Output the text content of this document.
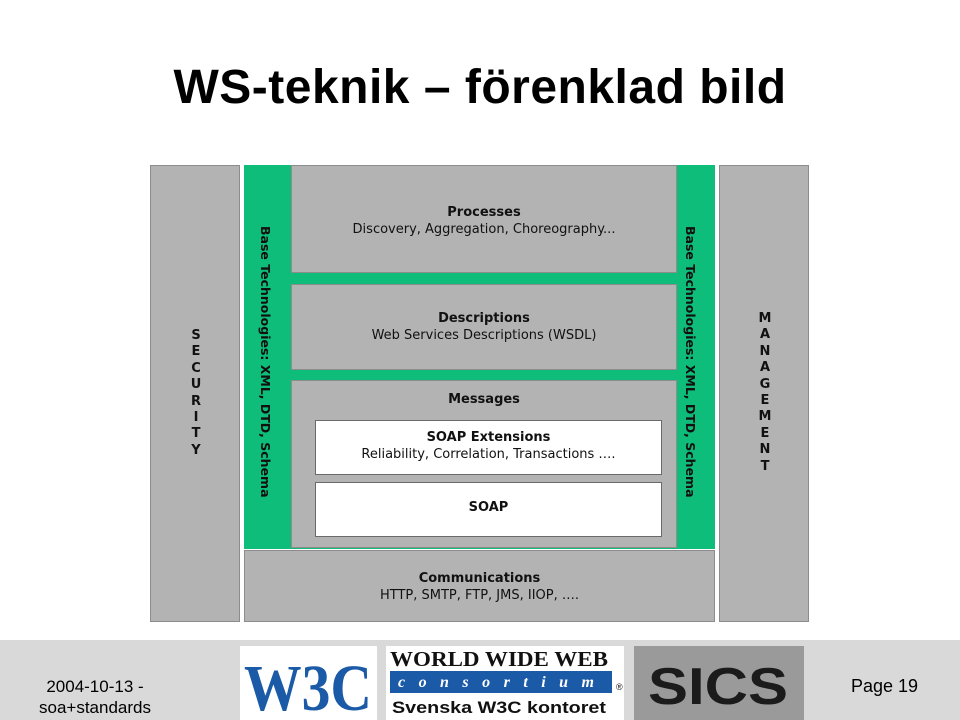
WS-teknik – förenklad bild
S
E
C
U
R
I
T
Y
M
A
N
A
G
E
M
E
N
T
Base Technologies: XML, DTD, Schema	Base Technologies: XML, DTD, Schema
Processes
Discovery, Aggregation, Choreography...
Descriptions
Web Services Descriptions (WSDL)
Messages
SOAP Extensions
Reliability, Correlation, Transactions ….
SOAP
Communications
HTTP, SMTP, FTP, JMS, IIOP, ….
2004-10-13 -
soa+standards	W3C WORLD WIDE WEB
consortium ®
Svenska W3C kontoret SICS	Page 19
